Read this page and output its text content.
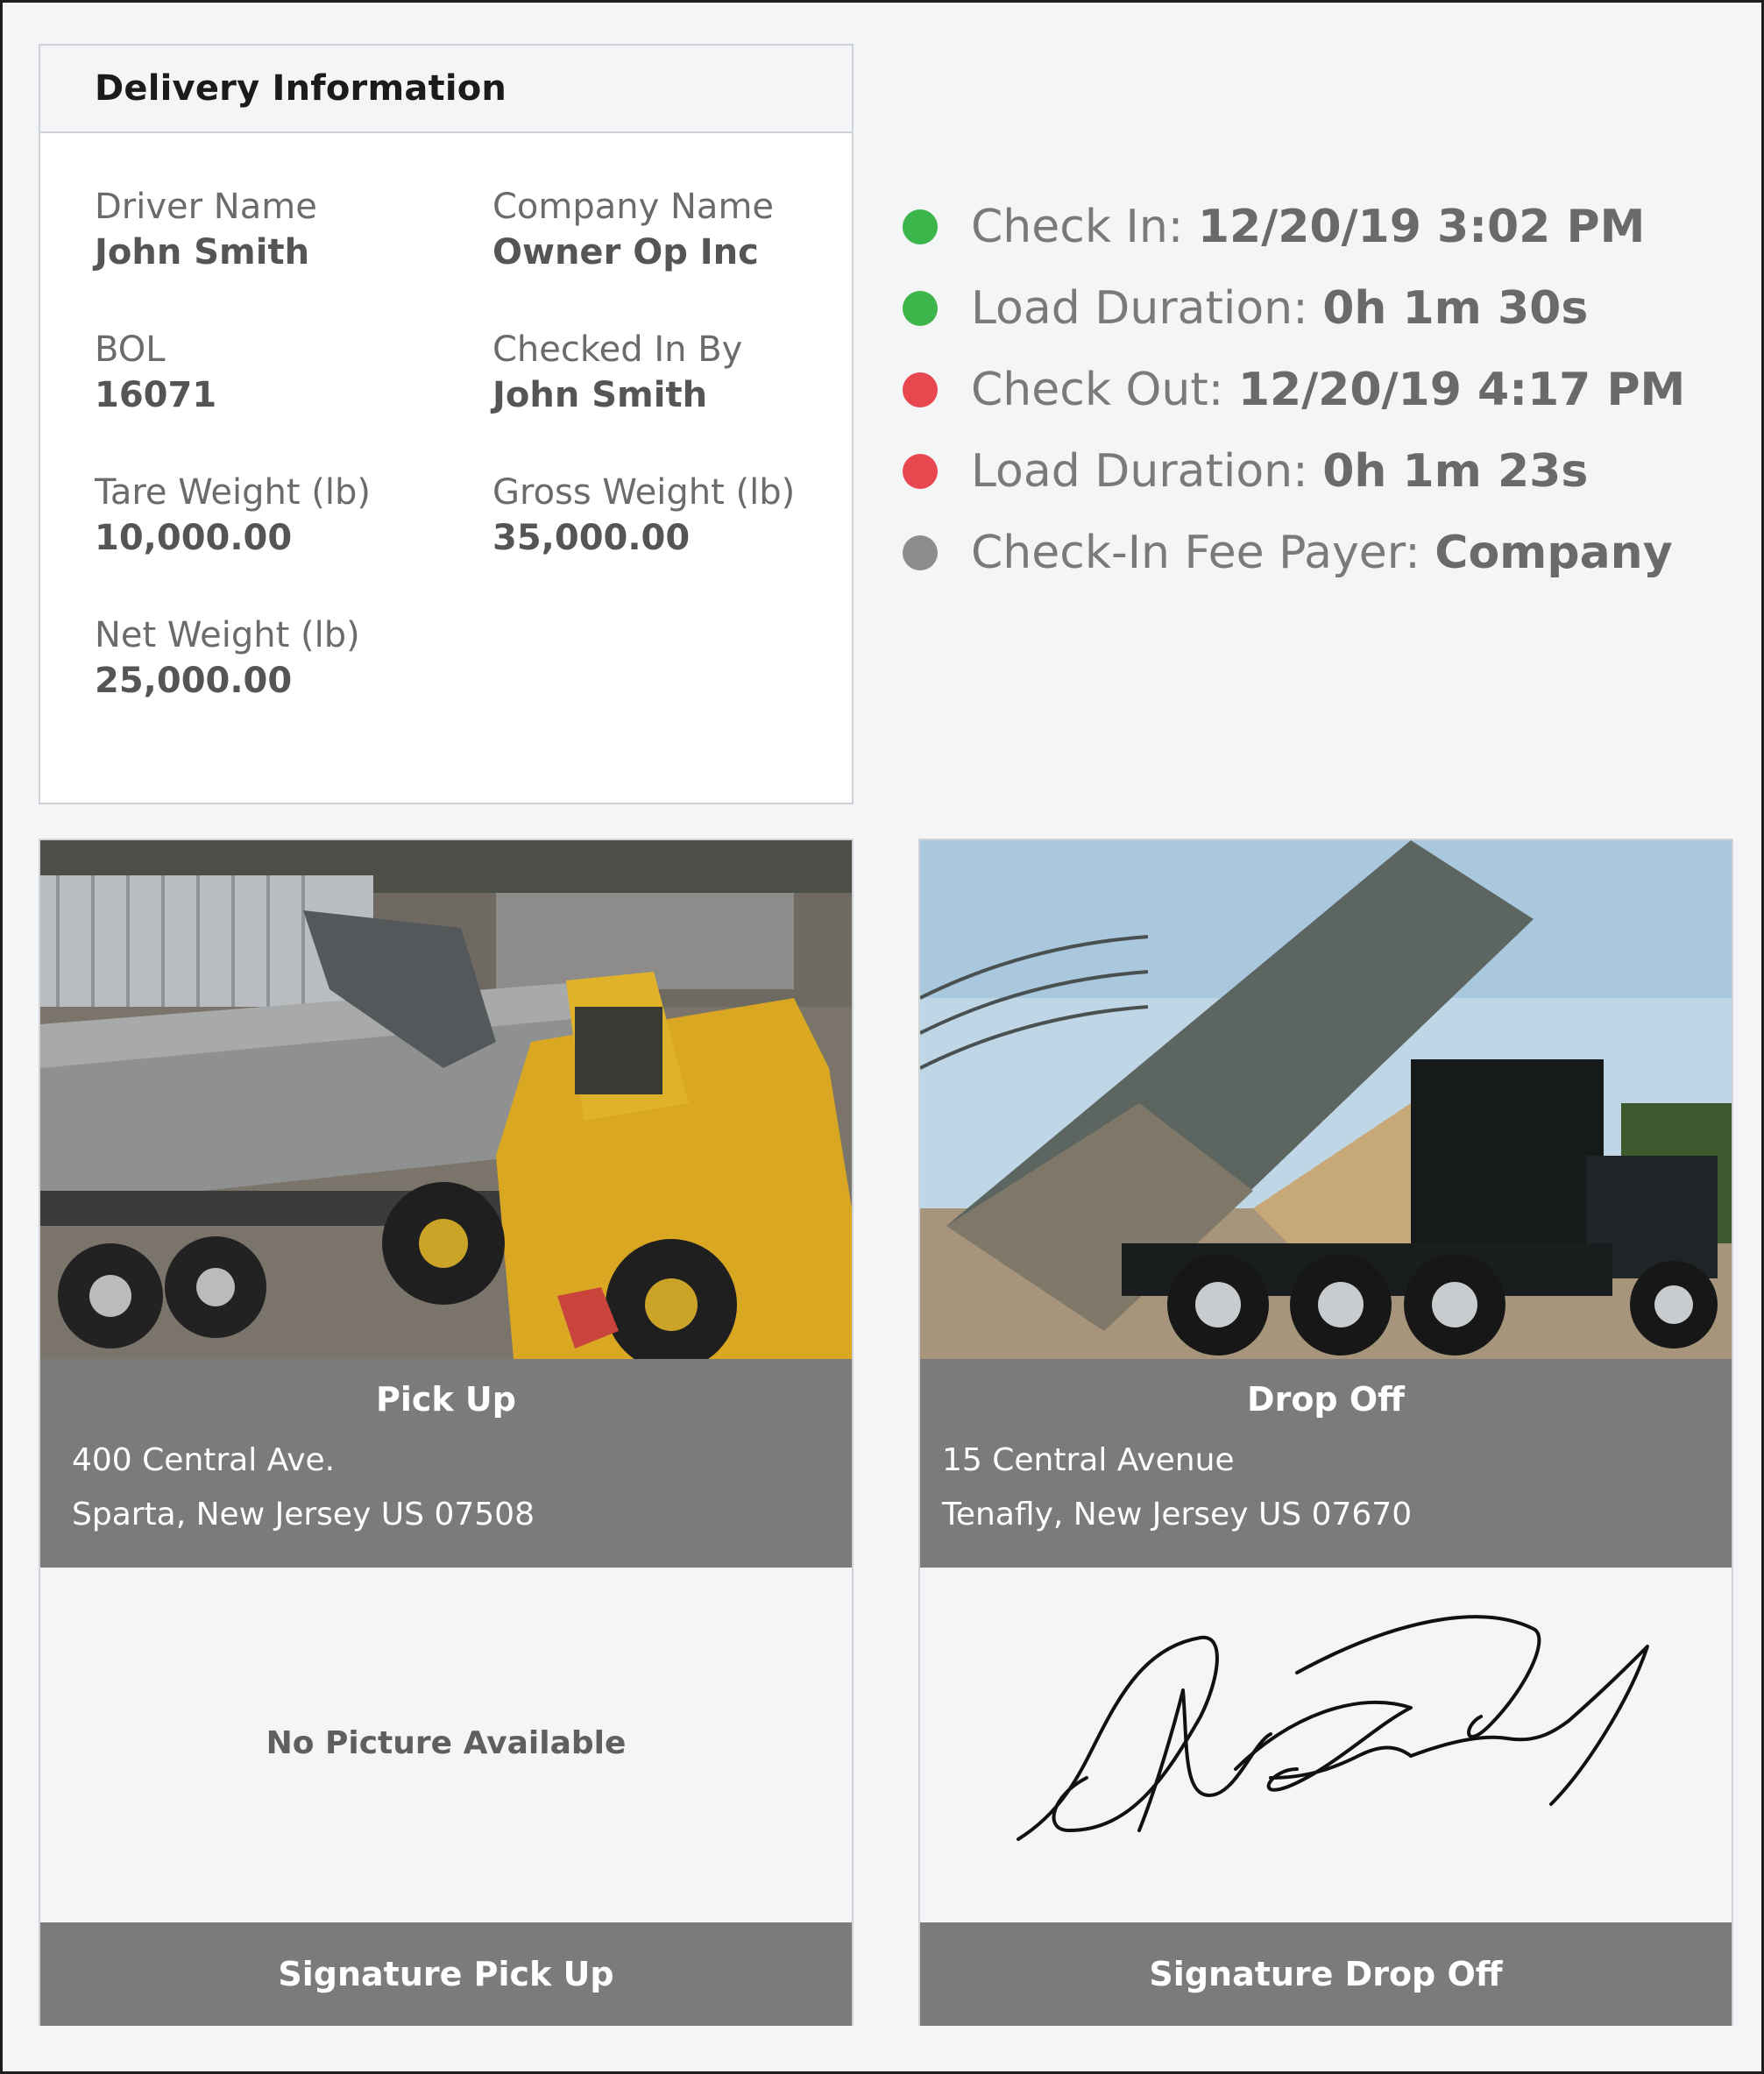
Delivery Information
Driver Name
John Smith
Company Name
Owner Op Inc
BOL
16071
Checked In By
John Smith
Tare Weight (lb)
10,000.00
Gross Weight (lb)
35,000.00
Net Weight (lb)
25,000.00
Check In: 12/20/19 3:02 PM
Load Duration: 0h 1m 30s
Check Out: 12/20/19 4:17 PM
Load Duration: 0h 1m 23s
Check-In Fee Payer: Company
Pick Up
400 Central Ave.
Sparta, New Jersey US 07508
No Picture Available
Signature Pick Up
Drop Off
15 Central Avenue
Tenafly, New Jersey US 07670
Signature Drop Off
